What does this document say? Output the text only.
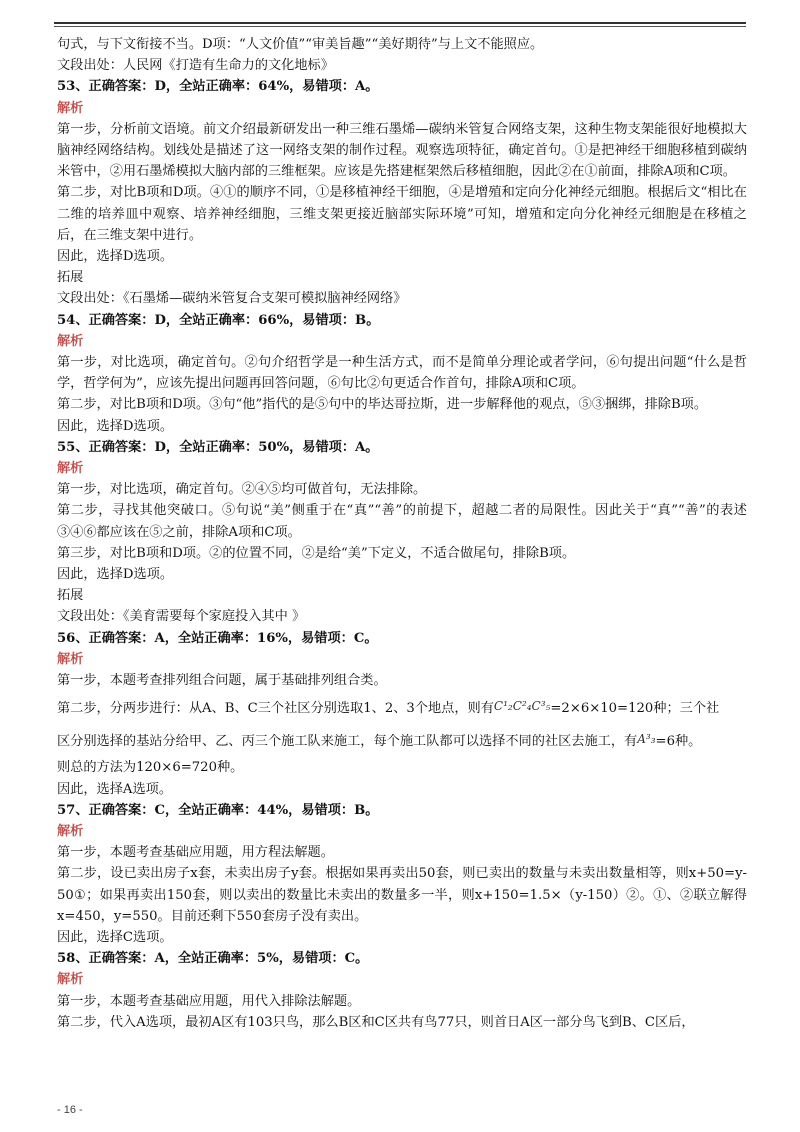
句式，与下文衔接不当。D项：“人文价值”“审美旨趣”“美好期待”与上文不能照应。
文段出处：人民网《打造有生命力的文化地标》
53、正确答案：D，全站正确率：64%，易错项：A。
解析
第一步，分析前文语境。前文介绍最新研发出一种三维石墨烯—碳纳米管复合网络支架，这种生物支架能很好地模拟大脑神经网络结构。划线处是描述了这一网络支架的制作过程。观察选项特征，确定首句。①是把神经干细胞移植到碳纳米管中，②用石墨烯模拟大脑内部的三维框架。应该是先搭建框架然后移植细胞，因此②在①前面，排除A项和C项。
第二步，对比B项和D项。④①的顺序不同，①是移植神经干细胞，④是增殖和定向分化神经元细胞。根据后文“相比在二维的培养皿中观察、培养神经细胞，三维支架更接近脑部实际环境”可知，增殖和定向分化神经元细胞是在移植之后，在三维支架中进行。
因此，选择D选项。
拓展
文段出处：《石墨烯—碳纳米管复合支架可模拟脑神经网络》
54、正确答案：D，全站正确率：66%，易错项：B。
解析
第一步，对比选项，确定首句。②句介绍哲学是一种生活方式，而不是简单分理论或者学问，⑥句提出问题“什么是哲学，哲学何为”，应该先提出问题再回答问题，⑥句比②句更适合作首句，排除A项和C项。
第二步，对比B项和D项。③句“他”指代的是⑤句中的毕达哥拉斯，进一步解释他的观点，⑤③捆绑，排除B项。
因此，选择D选项。
55、正确答案：D，全站正确率：50%，易错项：A。
解析
第一步，对比选项，确定首句。②④⑤均可做首句，无法排除。
第二步，寻找其他突破口。⑤句说“美”侧重于在“真”“善”的前提下，超越二者的局限性。因此关于“真”“善”的表述③④⑥都应该在⑤之前，排除A项和C项。
第三步，对比B项和D项。②的位置不同，②是给“美”下定义，不适合做尾句，排除B项。
因此，选择D选项。
拓展
文段出处：《美育需要每个家庭投入其中 》
56、正确答案：A，全站正确率：16%，易错项：C。
解析
第一步，本题考查排列组合问题，属于基础排列组合类。
第二步，分两步进行：从A、B、C三个社区分别选取1、2、3个地点，则有C¹₂C²₄C³₅=2×6×10=120种；三个社
区分别选择的基站分给甲、乙、丙三个施工队来施工，每个施工队都可以选择不同的社区去施工，有A³₃=6种。
则总的方法为120×6=720种。
因此，选择A选项。
57、正确答案：C，全站正确率：44%，易错项：B。
解析
第一步，本题考查基础应用题，用方程法解题。
第二步，设已卖出房子x套，未卖出房子y套。根据如果再卖出50套，则已卖出的数量与未卖出数量相等，则x+50=y-50①；如果再卖出150套，则以卖出的数量比未卖出的数量多一半，则x+150=1.5×（y-150）②。①、②联立解得x=450，y=550。目前还剩下550套房子没有卖出。
因此，选择C选项。
58、正确答案：A，全站正确率：5%，易错项：C。
解析
第一步，本题考查基础应用题，用代入排除法解题。
第二步，代入A选项，最初A区有103只鸟，那么B区和C区共有鸟77只，则首日A区一部分鸟飞到B、C区后，
- 16 -
